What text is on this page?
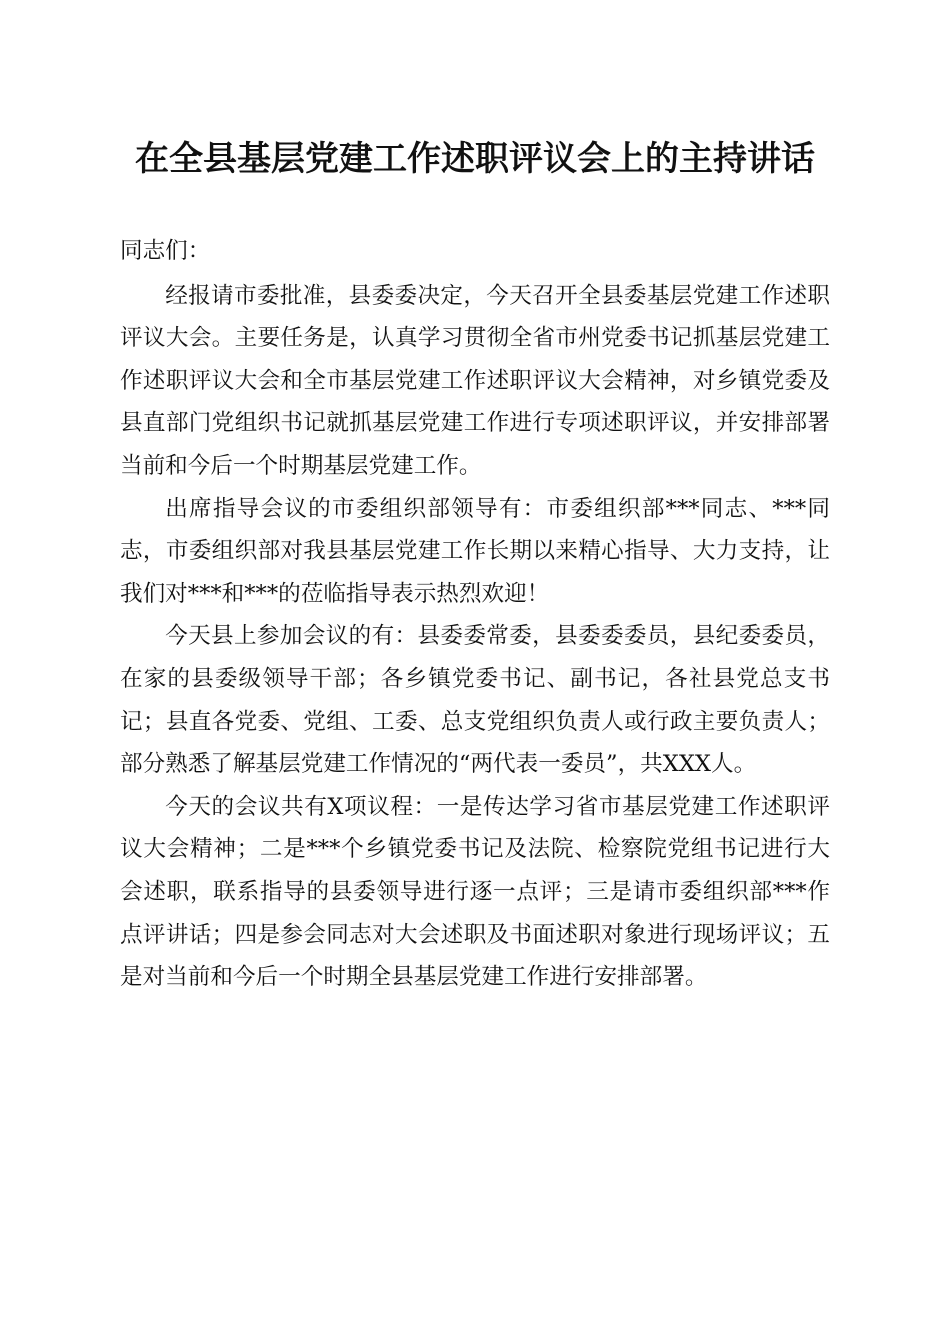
在全县基层党建工作述职评议会上的主持讲话

同志们：

经报请市委批准，县委委决定，今天召开全县委基层党建工作述职评议大会。主要任务是，认真学习贯彻全省市州党委书记抓基层党建工作述职评议大会和全市基层党建工作述职评议大会精神，对乡镇党委及县直部门党组织书记就抓基层党建工作进行专项述职评议，并安排部署当前和今后一个时期基层党建工作。

出席指导会议的市委组织部领导有：市委组织部***同志、***同志，市委组织部对我县基层党建工作长期以来精心指导、大力支持，让我们对***和***的莅临指导表示热烈欢迎！

今天县上参加会议的有：县委委常委，县委委委员，县纪委委员，在家的县委级领导干部；各乡镇党委书记、副书记，各社县党总支书记；县直各党委、党组、工委、总支党组织负责人或行政主要负责人；部分熟悉了解基层党建工作情况的“两代表一委员”，共XXX人。

今天的会议共有X项议程：一是传达学习省市基层党建工作述职评议大会精神；二是***个乡镇党委书记及法院、检察院党组书记进行大会述职，联系指导的县委领导进行逐一点评；三是请市委组织部***作点评讲话；四是参会同志对大会述职及书面述职对象进行现场评议；五是对当前和今后一个时期全县基层党建工作进行安排部署。
